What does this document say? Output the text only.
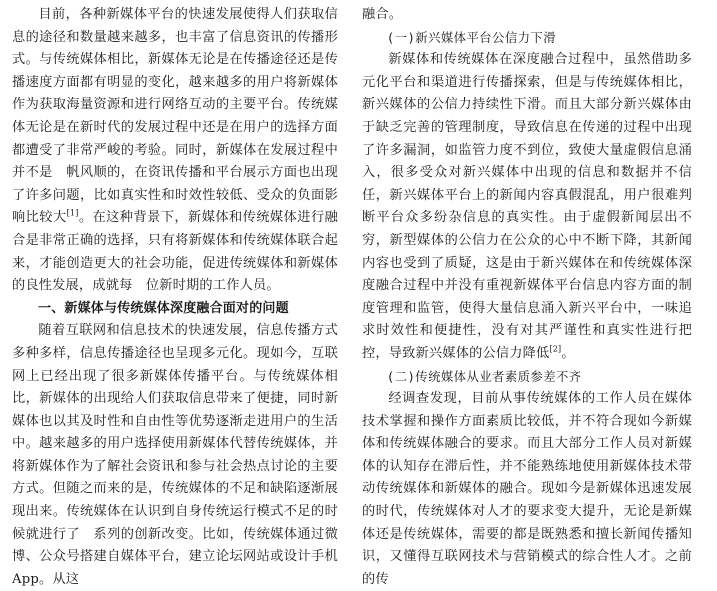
目前，各种新媒体平台的快速发展使得人们获取信息的途径和数量越来越多，也丰富了信息资讯的传播形式。与传统媒体相比，新媒体无论是在传播途径还是传播速度方面都有明显的变化，越来越多的用户将新媒体作为获取海量资源和进行网络互动的主要平台。传统媒体无论是在新时代的发展过程中还是在用户的选择方面都遭受了非常严峻的考验。同时，新媒体在发展过程中并不是　帆风顺的，在资讯传播和平台展示方面也出现了许多问题，比如真实性和时效性较低、受众的负面影响比较大[1]。在这种背景下，新媒体和传统媒体进行融合是非常正确的选择，只有将新媒体和传统媒体联合起来，才能创造更大的社会功能，促进传统媒体和新媒体的良性发展，成就每　位新时期的工作人员。

一、新媒体与传统媒体深度融合面对的问题

随着互联网和信息技术的快速发展，信息传播方式多种多样，信息传播途径也呈现多元化。现如今，互联网上已经出现了很多新媒体传播平台。与传统媒体相比，新媒体的出现给人们获取信息带来了便捷，同时新媒体也以其及时性和自由性等优势逐渐走进用户的生活中。越来越多的用户选择使用新媒体代替传统媒体，并将新媒体作为了解社会资讯和参与社会热点讨论的主要方式。但随之而来的是，传统媒体的不足和缺陷逐渐展现出来。传统媒体在认识到自身传统运行模式不足的时候就进行了　系列的创新改变。比如，传统媒体通过微博、公众号搭建自媒体平台，建立论坛网站或设计手机 App。从这

融合。

(一)新兴媒体平台公信力下滑

新媒体和传统媒体在深度融合过程中，虽然借助多元化平台和渠道进行传播探索，但是与传统媒体相比，新兴媒体的公信力持续性下滑。而且大部分新兴媒体由于缺乏完善的管理制度，导致信息在传递的过程中出现了许多漏洞，如监管力度不到位，致使大量虚假信息涌入，很多受众对新兴媒体中出现的信息和数据并不信任，新兴媒体平台上的新闻内容真假混乱，用户很难判断平台众多纷杂信息的真实性。由于虚假新闻层出不穷，新型媒体的公信力在公众的心中不断下降，其新闻内容也受到了质疑，这是由于新兴媒体在和传统媒体深度融合过程中并没有重视新媒体平台信息内容方面的制度管理和监管，使得大量信息涌入新兴平台中，一味追求时效性和便捷性，没有对其严谨性和真实性进行把控，导致新兴媒体的公信力降低[2]。

(二)传统媒体从业者素质参差不齐

经调查发现，目前从事传统媒体的工作人员在媒体技术掌握和操作方面素质比较低，并不符合现如今新媒体和传统媒体融合的要求。而且大部分工作人员对新媒体的认知存在滞后性，并不能熟练地使用新媒体技术带动传统媒体和新媒体的融合。现如今是新媒体迅速发展的时代，传统媒体对人才的要求变大提升，无论是新媒体还是传统媒体，需要的都是既熟悉和擅长新闻传播知识，又懂得互联网技术与营销模式的综合性人才。之前的传
